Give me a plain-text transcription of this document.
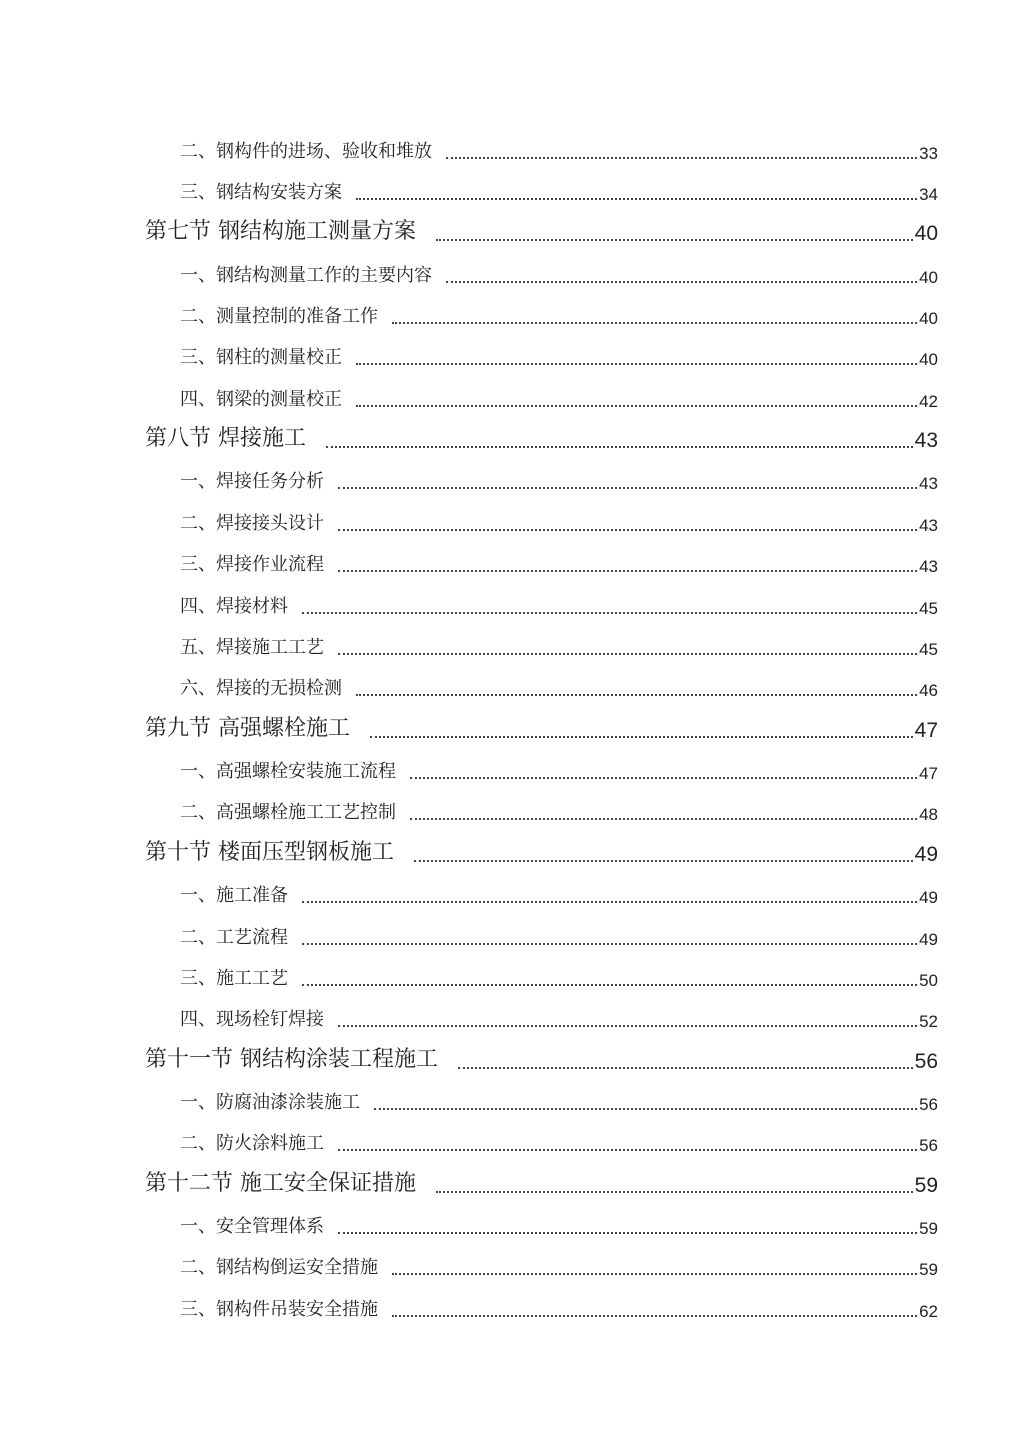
二、钢构件的进场、验收和堆放	33
三、钢结构安装方案	34
第七节 钢结构施工测量方案	40
一、钢结构测量工作的主要内容	40
二、测量控制的准备工作	40
三、钢柱的测量校正	40
四、钢梁的测量校正	42
第八节 焊接施工	43
一、焊接任务分析	43
二、焊接接头设计	43
三、焊接作业流程	43
四、焊接材料	45
五、焊接施工工艺	45
六、焊接的无损检测	46
第九节 高强螺栓施工	47
一、高强螺栓安装施工流程	47
二、高强螺栓施工工艺控制	48
第十节 楼面压型钢板施工	49
一、施工准备	49
二、工艺流程	49
三、施工工艺	50
四、现场栓钉焊接	52
第十一节 钢结构涂装工程施工	56
一、防腐油漆涂装施工	56
二、防火涂料施工	56
第十二节 施工安全保证措施	59
一、安全管理体系	59
二、钢结构倒运安全措施	59
三、钢构件吊装安全措施	62
